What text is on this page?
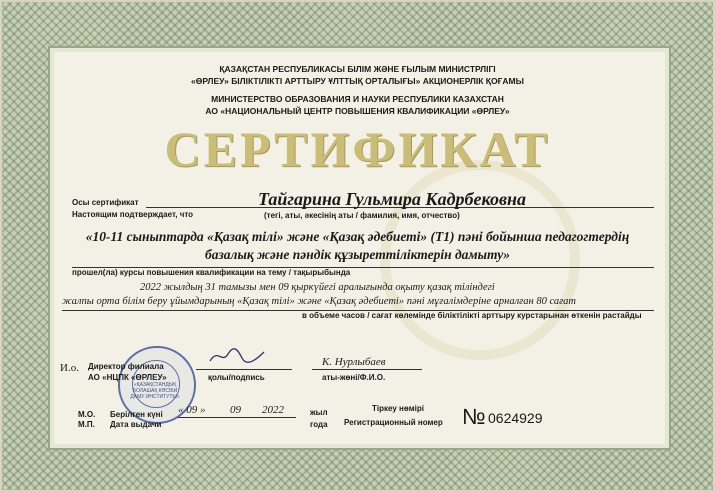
ҚАЗАҚСТАН РЕСПУБЛИКАСЫ БІЛІМ ЖӘНЕ ҒЫЛЫМ МИНИСТРЛІГІ
«ӨРЛЕУ» БІЛІКТІЛІКТІ АРТТЫРУ ҰЛТТЫҚ ОРТАЛЫҒЫ» АКЦИОНЕРЛІК ҚОҒАМЫ
МИНИСТЕРСТВО ОБРАЗОВАНИЯ И НАУКИ РЕСПУБЛИКИ КАЗАХСТАН
АО «НАЦИОНАЛЬНЫЙ ЦЕНТР ПОВЫШЕНИЯ КВАЛИФИКАЦИИ «ӨРЛЕУ»
СЕРТИФИКАТ
Осы сертификат
Настоящим подтверждает, что
Тайгарина Гульмира Кадрбековна
(тегі, аты, әкесінің аты / фамилия, имя, отчество)
«10-11 сыныптарда «Қазақ тілі» және «Қазақ әдебиеті» (Т1) пәні бойынша педагогтердің
базалық және пәндік құзыреттіліктерін дамыту»
прошел(ла) курсы повышения квалификации на тему / тақырыбында
2022 жылдың 31 тамызы мен 09 қыркүйегі аралығында оқыту қазақ тіліндегі
жалпы орта білім беру ұйымдарының «Қазақ тілі» және «Қазақ әдебиеті» пәні мұғалімдеріне арналған 80 сағат
в объеме часов / сағат көлемінде біліктілікті арттыру курстарынан өткенін растайды
«ҚАЗАҚСТАНДЫҚ БОЛАШАҚ КӘСІБИ ДАМУ ИНСТИТУТЫ»
И.о. Директор филиала
АО «НЦПК «ӨРЛЕУ»	қолы/подпись
К. Нурлыбаев
аты-жөні/Ф.И.О.
М.О.
М.П.
Берілген күні
Дата выдачи
« 09 » 09 2022	жыл
года
Тіркеу нөмірі
Регистрационный номер № 0624929
